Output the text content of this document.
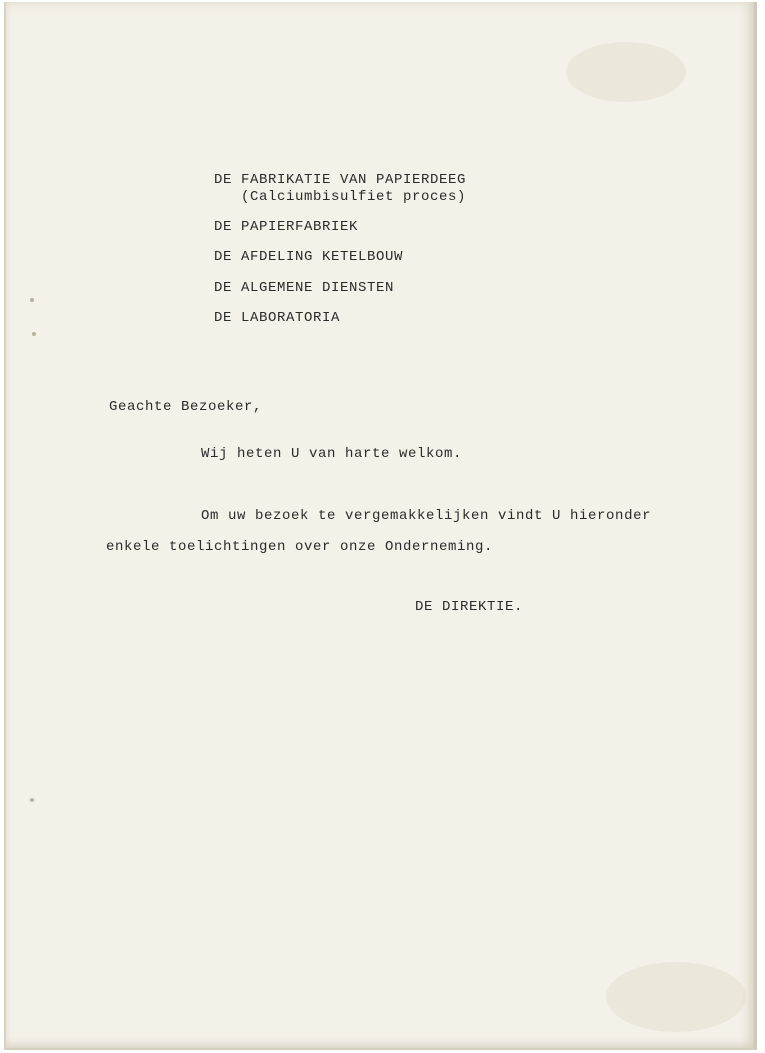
DE FABRIKATIE VAN PAPIERDEEG

(Calciumbisulfiet proces)

DE PAPIERFABRIEK

DE AFDELING KETELBOUW

DE ALGEMENE DIENSTEN

DE LABORATORIA

Geachte Bezoeker,

Wij heten U van harte welkom.

Om uw bezoek te vergemakkelijken vindt U hieronder

enkele toelichtingen over onze Onderneming.

DE DIREKTIE.
